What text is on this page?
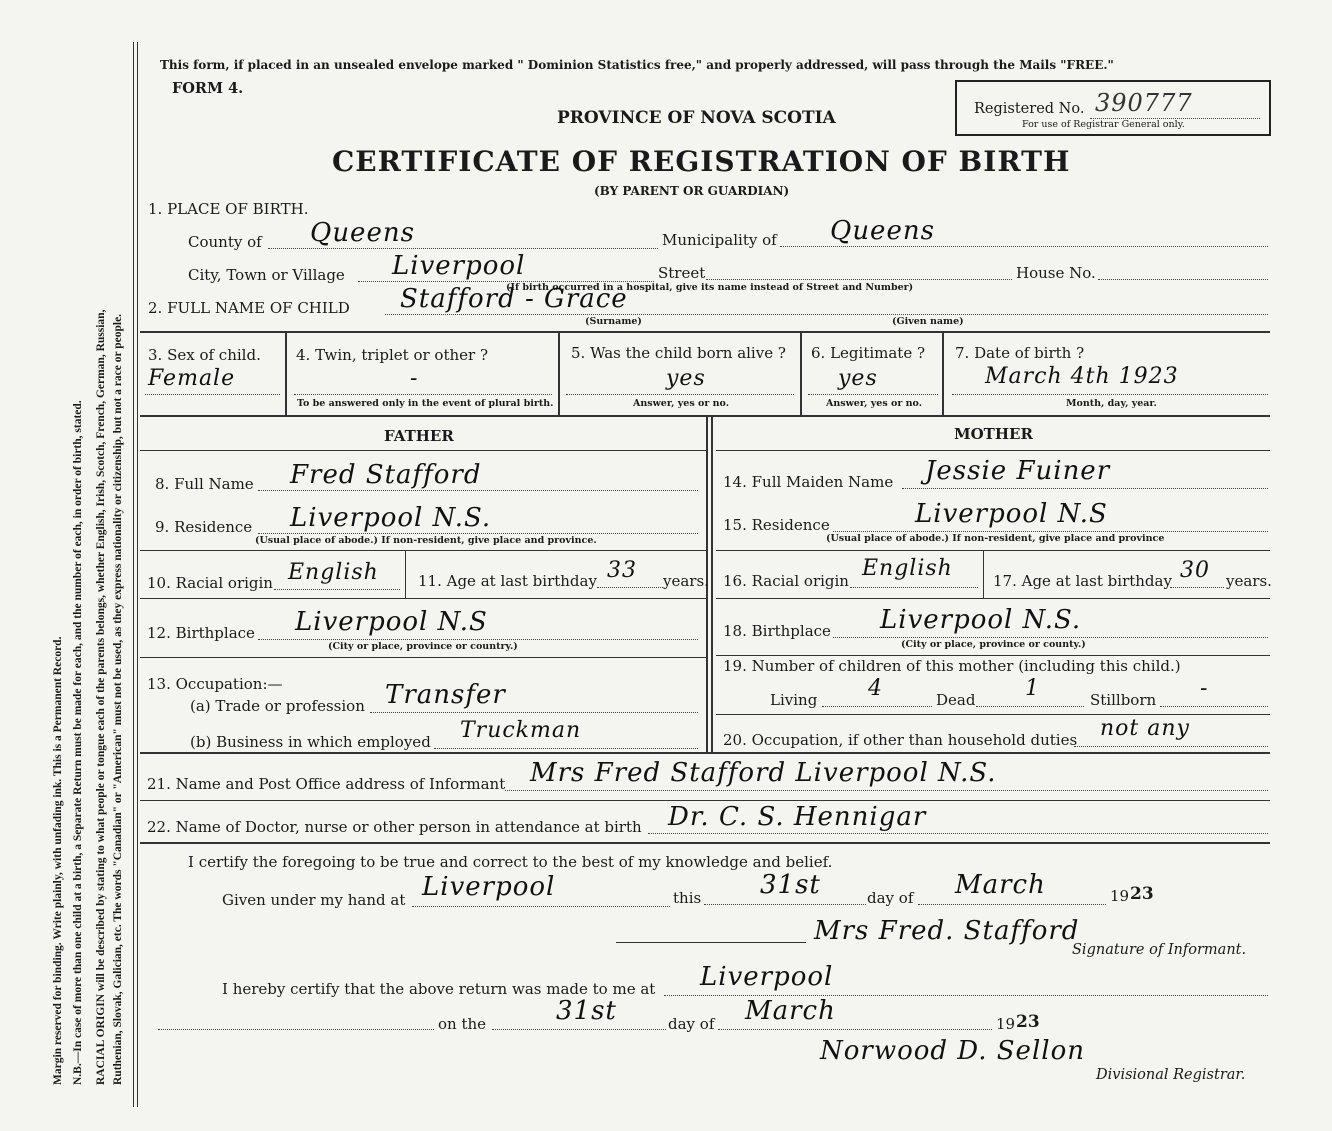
Margin reserved for binding. Write plainly, with unfading ink. This is a Permanent Record. N.B.—In case of more than one child at a birth, a Separate Return must be made for each, and the number of each, in order of birth, stated. RACIAL ORIGIN will be described by stating to what people or tongue each of the parents belongs, whether English, Irish, Scotch, French, German, Russian, Ruthenian, Slovak, Galician, etc. The words "Canadian" or "American" must not be used, as they express nationality or citizenship, but not a race or people.
This form, if placed in an unsealed envelope marked " Dominion Statistics free," and properly addressed, will pass through the Mails "FREE."
FORM 4.
PROVINCE OF NOVA SCOTIA
CERTIFICATE OF REGISTRATION OF BIRTH
(BY PARENT OR GUARDIAN)
Registered No. 390777
For use of Registrar General only.
1. PLACE OF BIRTH.
County of Queens	Municipality of Queens
City, Town or Village Liverpool	Street	House No.
(If birth occurred in a hospital, give its name instead of Street and Number)
2. FULL NAME OF CHILD Stafford - Grace
(Surname)	(Given name)
3. Sex of child.
Female
4. Twin, triplet or other ?
-
To be answered only in the event of plural birth.
5. Was the child born alive ?
yes
Answer, yes or no.
6. Legitimate ?
yes
Answer, yes or no.
7. Date of birth ?
March 4th 1923
Month, day, year.
FATHER	MOTHER
8. Full Name Fred Stafford
9. Residence Liverpool N.S.
(Usual place of abode.) If non-resident, give place and province.
10. Racial origin English	11. Age at last birthday 33 years.
12. Birthplace Liverpool N.S
(City or place, province or country.)
13. Occupation:—
(a) Trade or profession Transfer
(b) Business in which employed Truckman
14. Full Maiden Name Jessie Fuiner
15. Residence	Liverpool N.S
(Usual place of abode.) If non-resident, give place and province
16. Racial origin English	17. Age at last birthday 30 years.
18. Birthplace Liverpool N.S.
(City or place, province or county.)
19. Number of children of this mother (including this child.)
Living 4	Dead 1	Stillborn -
20. Occupation, if other than household duties not any
21. Name and Post Office address of Informant Mrs Fred Stafford Liverpool N.S.
22. Name of Doctor, nurse or other person in attendance at birth Dr. C. S. Hennigar
I certify the foregoing to be true and correct to the best of my knowledge and belief.
Given under my hand at Liverpool	this 31st	day of March	19 23
Mrs Fred. Stafford
Signature of Informant.
I hereby certify that the above return was made to me at Liverpool
on the	31st	day of March	19 23
Norwood D. Sellon
Divisional Registrar.
